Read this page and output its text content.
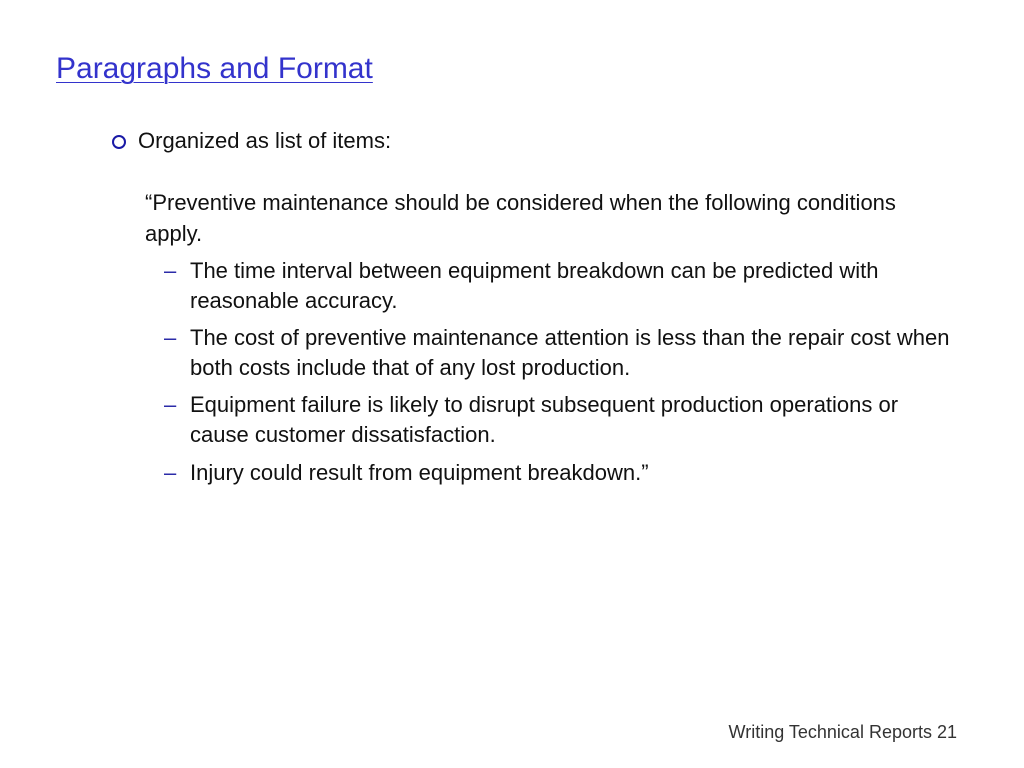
Paragraphs and Format
Organized as list of items:
“Preventive maintenance should be considered when the following conditions apply.
– The time interval between equipment breakdown can be predicted with reasonable accuracy.
– The cost of preventive maintenance attention is less than the repair cost when both costs include that of any lost production.
– Equipment failure is likely to disrupt subsequent production operations or cause customer dissatisfaction.
– Injury could result from equipment breakdown.”
Writing Technical Reports 21
